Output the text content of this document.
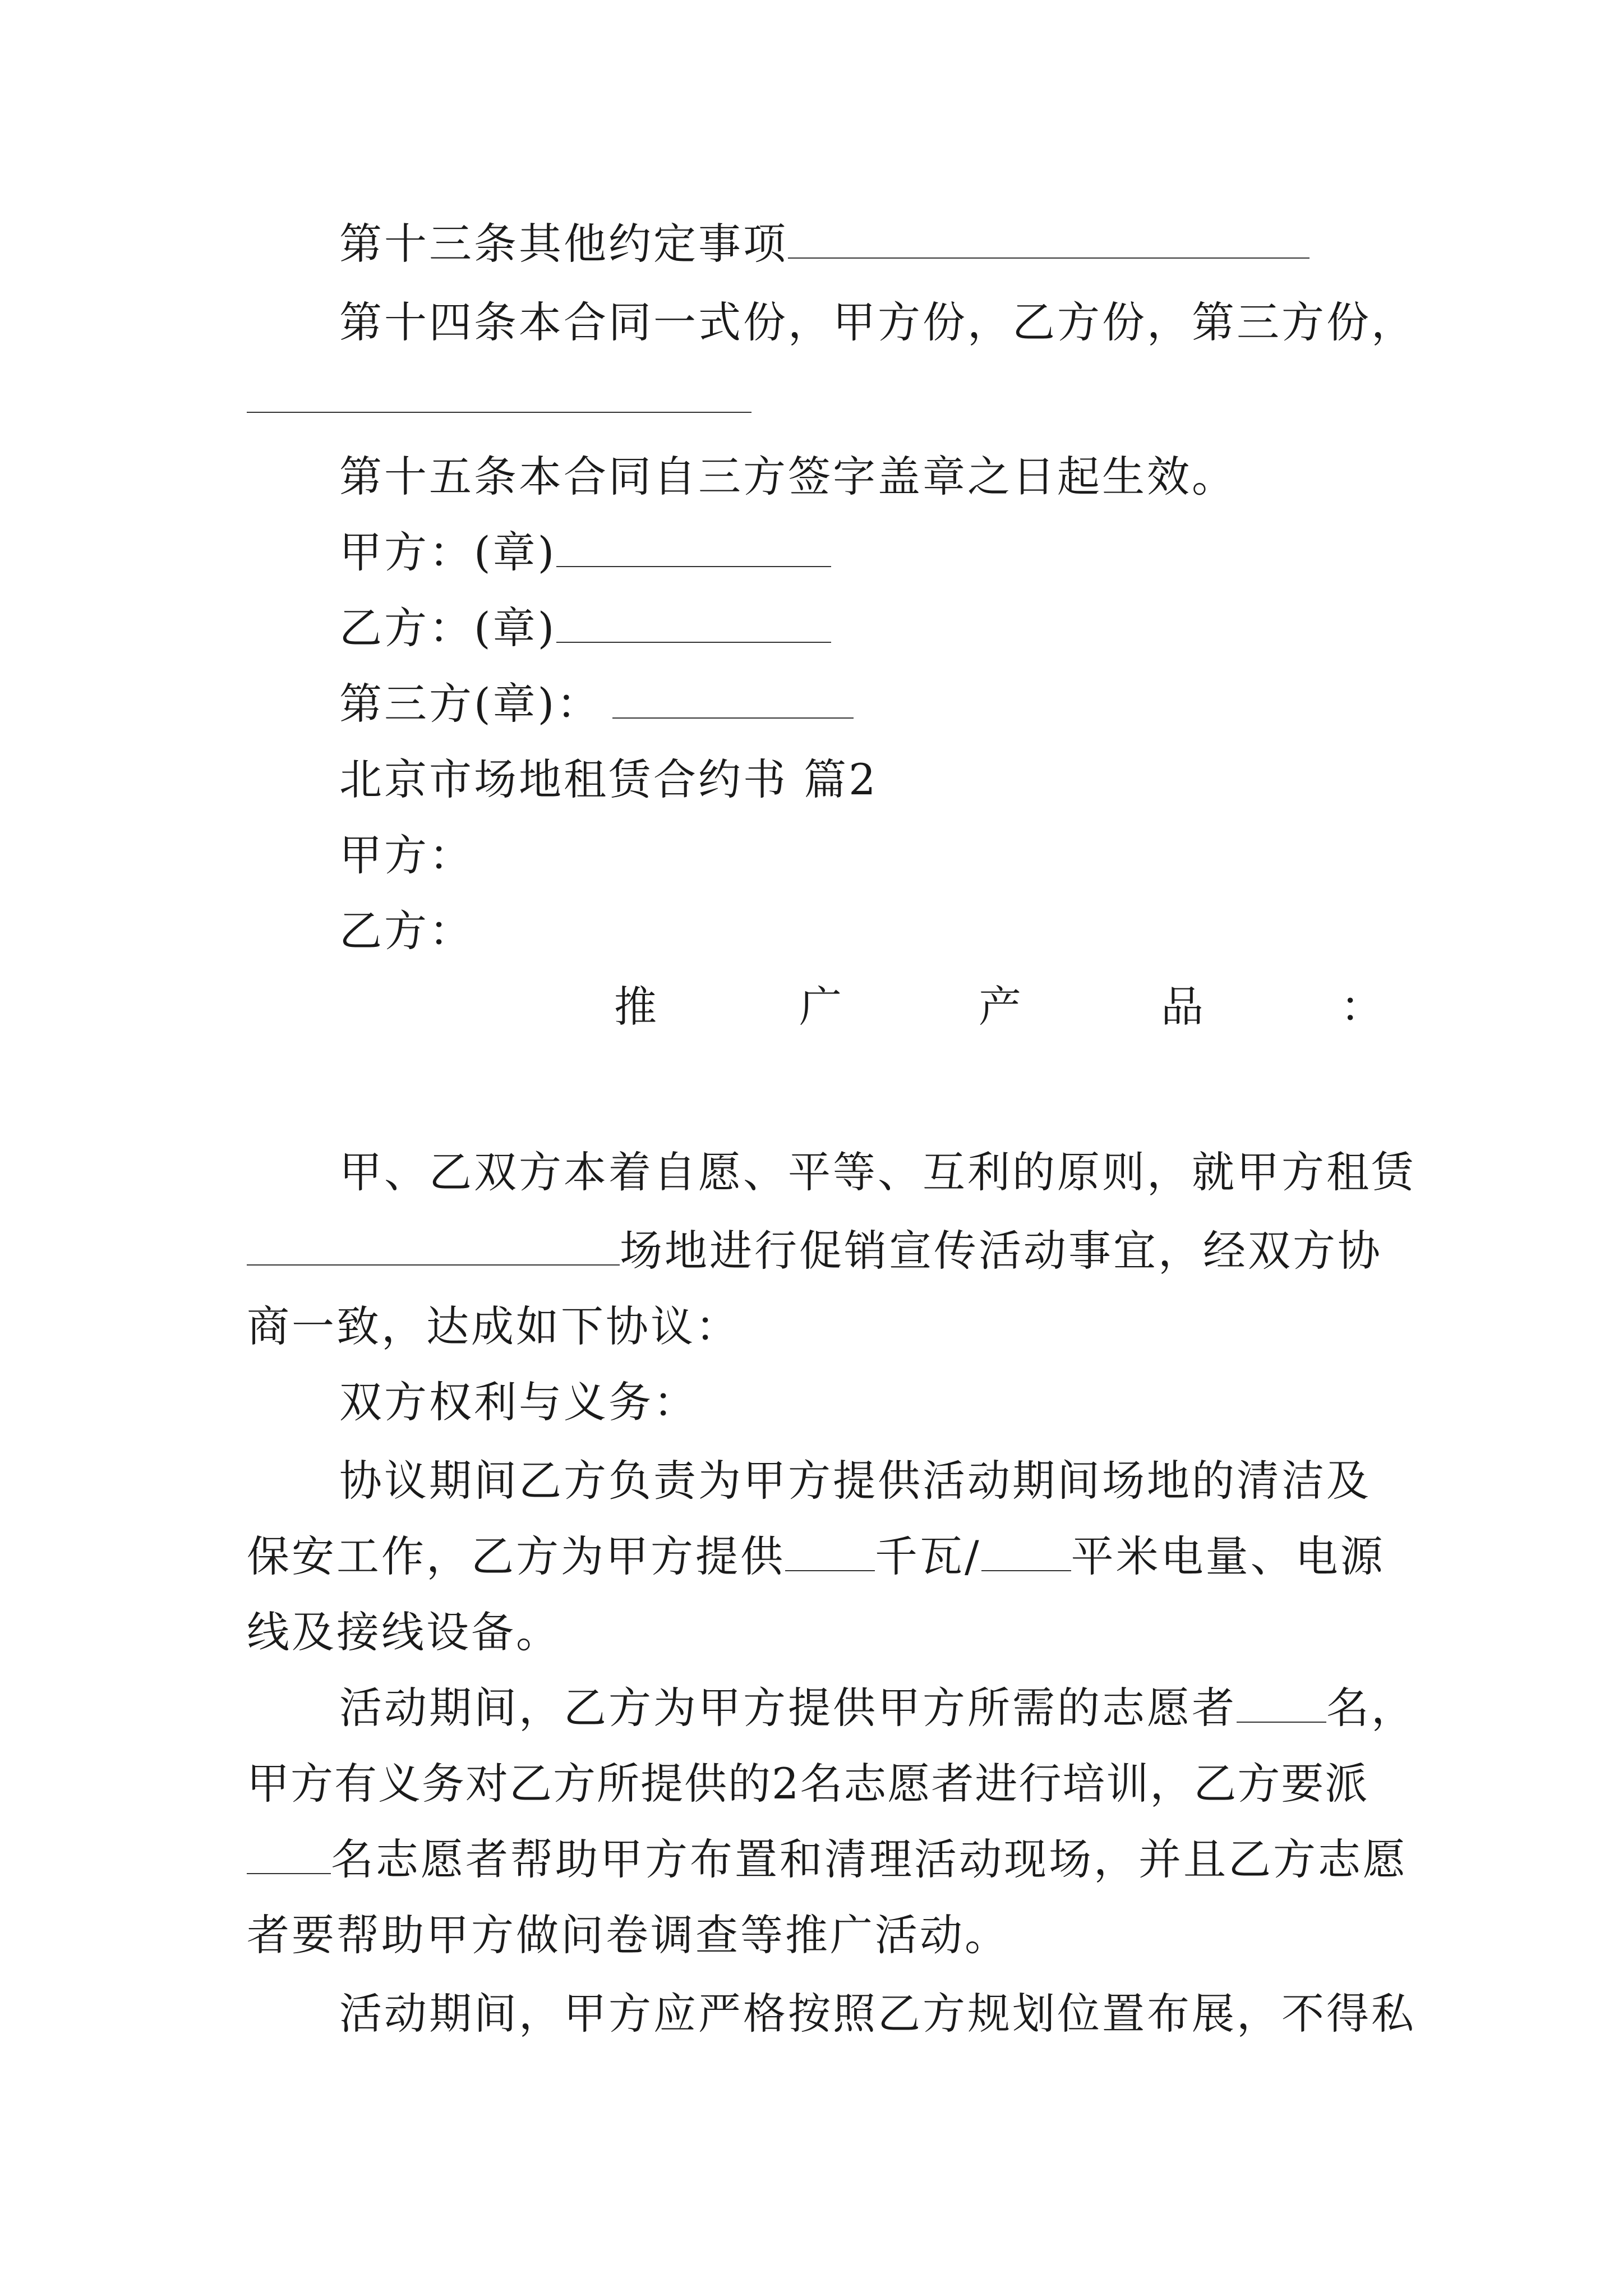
第十三条其他约定事项
第十四条本合同一式份，甲方份，乙方份，第三方份，
第十五条本合同自三方签字盖章之日起生效。
甲方：(章)
乙方：(章)
第三方(章)：
北京市场地租赁合约书 篇2
甲方：
乙方：
推	广	产	品	：
甲、乙双方本着自愿、平等、互利的原则，就甲方租赁
场地进行促销宣传活动事宜，经双方协
商一致，达成如下协议：
双方权利与义务：
协议期间乙方负责为甲方提供活动期间场地的清洁及
保安工作，乙方为甲方提供 千瓦/ 平米电量、电源
线及接线设备。
活动期间，乙方为甲方提供甲方所需的志愿者 名，
甲方有义务对乙方所提供的2名志愿者进行培训，乙方要派
名志愿者帮助甲方布置和清理活动现场，并且乙方志愿
者要帮助甲方做问卷调查等推广活动。
活动期间，甲方应严格按照乙方规划位置布展，不得私
